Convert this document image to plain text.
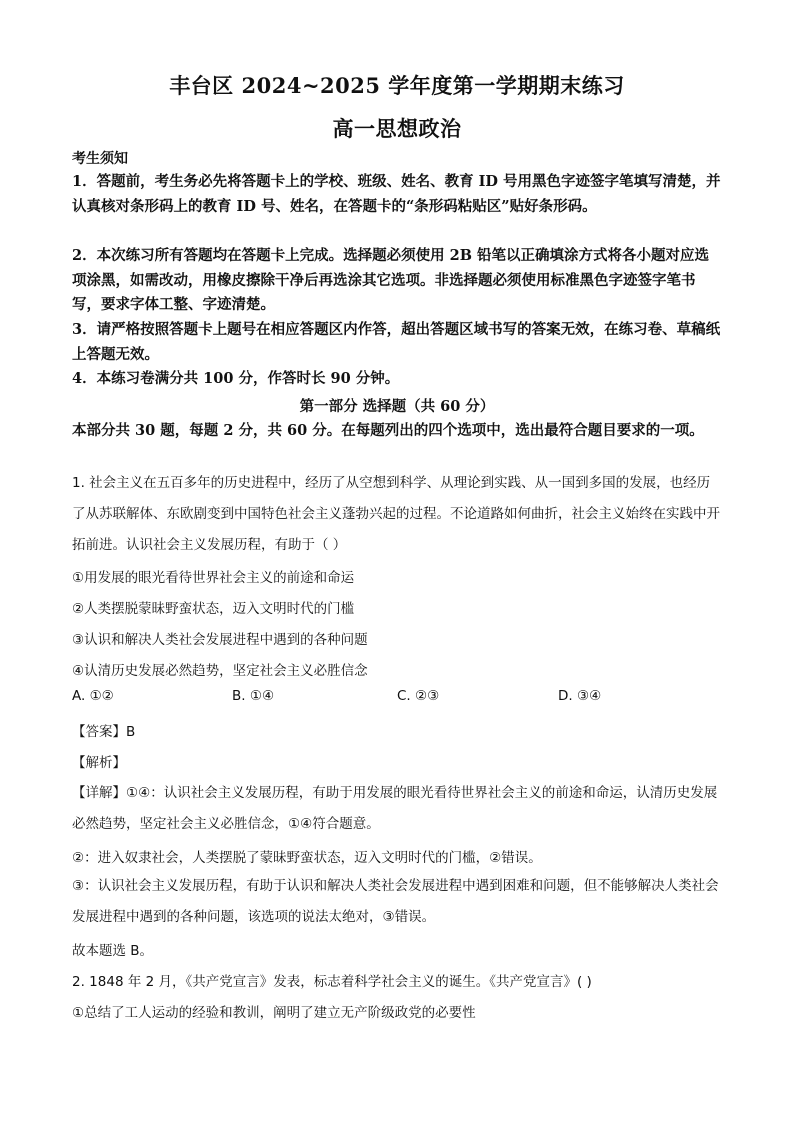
丰台区 2024~2025 学年度第一学期期末练习
高一思想政治
考生须知
1．答题前，考生务必先将答题卡上的学校、班级、姓名、教育 ID 号用黑色字迹签字笔填写清楚，并认真核对条形码上的教育 ID 号、姓名，在答题卡的“条形码粘贴区”贴好条形码。
2．本次练习所有答题均在答题卡上完成。选择题必须使用 2B 铅笔以正确填涂方式将各小题对应选项涂黑，如需改动，用橡皮擦除干净后再选涂其它选项。非选择题必须使用标准黑色字迹签字笔书写，要求字体工整、字迹清楚。
3．请严格按照答题卡上题号在相应答题区内作答，超出答题区域书写的答案无效，在练习卷、草稿纸上答题无效。
4．本练习卷满分共 100 分，作答时长 90 分钟。
第一部分 选择题（共 60 分）
本部分共 30 题，每题 2 分，共 60 分。在每题列出的四个选项中，选出最符合题目要求的一项。
1. 社会主义在五百多年的历史进程中，经历了从空想到科学、从理论到实践、从一国到多国的发展，也经历了从苏联解体、东欧剧变到中国特色社会主义蓬勃兴起的过程。不论道路如何曲折，社会主义始终在实践中开拓前进。认识社会主义发展历程，有助于（ ）
①用发展的眼光看待世界社会主义的前途和命运
②人类摆脱蒙昧野蛮状态，迈入文明时代的门槛
③认识和解决人类社会发展进程中遇到的各种问题
④认清历史发展必然趋势，坚定社会主义必胜信念
A. ①②	B. ①④	C. ②③	D. ③④
【答案】B
【解析】
【详解】①④：认识社会主义发展历程，有助于用发展的眼光看待世界社会主义的前途和命运，认清历史发展必然趋势，坚定社会主义必胜信念，①④符合题意。
②：进入奴隶社会，人类摆脱了蒙昧野蛮状态，迈入文明时代的门槛，②错误。
③：认识社会主义发展历程，有助于认识和解决人类社会发展进程中遇到困难和问题，但不能够解决人类社会发展进程中遇到的各种问题，该选项的说法太绝对，③错误。
故本题选 B。
2. 1848 年 2 月，《共产党宣言》发表，标志着科学社会主义的诞生。《共产党宣言》( )
①总结了工人运动的经验和教训，阐明了建立无产阶级政党的必要性
